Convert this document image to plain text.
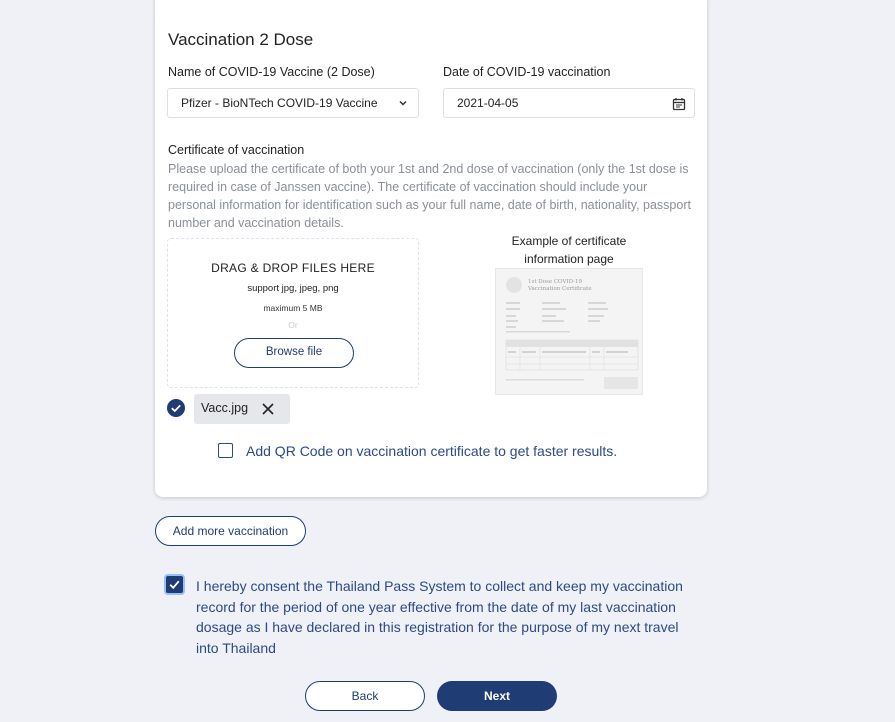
Vaccination 2 Dose
Name of COVID-19 Vaccine (2 Dose)
Pfizer - BioNTech COVID-19 Vaccine
Date of COVID-19 vaccination
2021-04-05
Certificate of vaccination
Please upload the certificate of both your 1st and 2nd dose of vaccination (only the 1st dose is required in case of Janssen vaccine). The certificate of vaccination should include your personal information for identification such as your full name, date of birth, nationality, passport number and vaccination details.
DRAG & DROP FILES HERE
support jpg, jpeg, png
maximum 5 MB
Or
Browse file
Example of certificate information page
1st Dose COVID-19
Vaccination Certificate
Vacc.jpg
Add QR Code on vaccination certificate to get faster results.
Add more vaccination
I hereby consent the Thailand Pass System to collect and keep my vaccination record for the period of one year effective from the date of my last vaccination dosage as I have declared in this registration for the purpose of my next travel into Thailand
Back	Next
